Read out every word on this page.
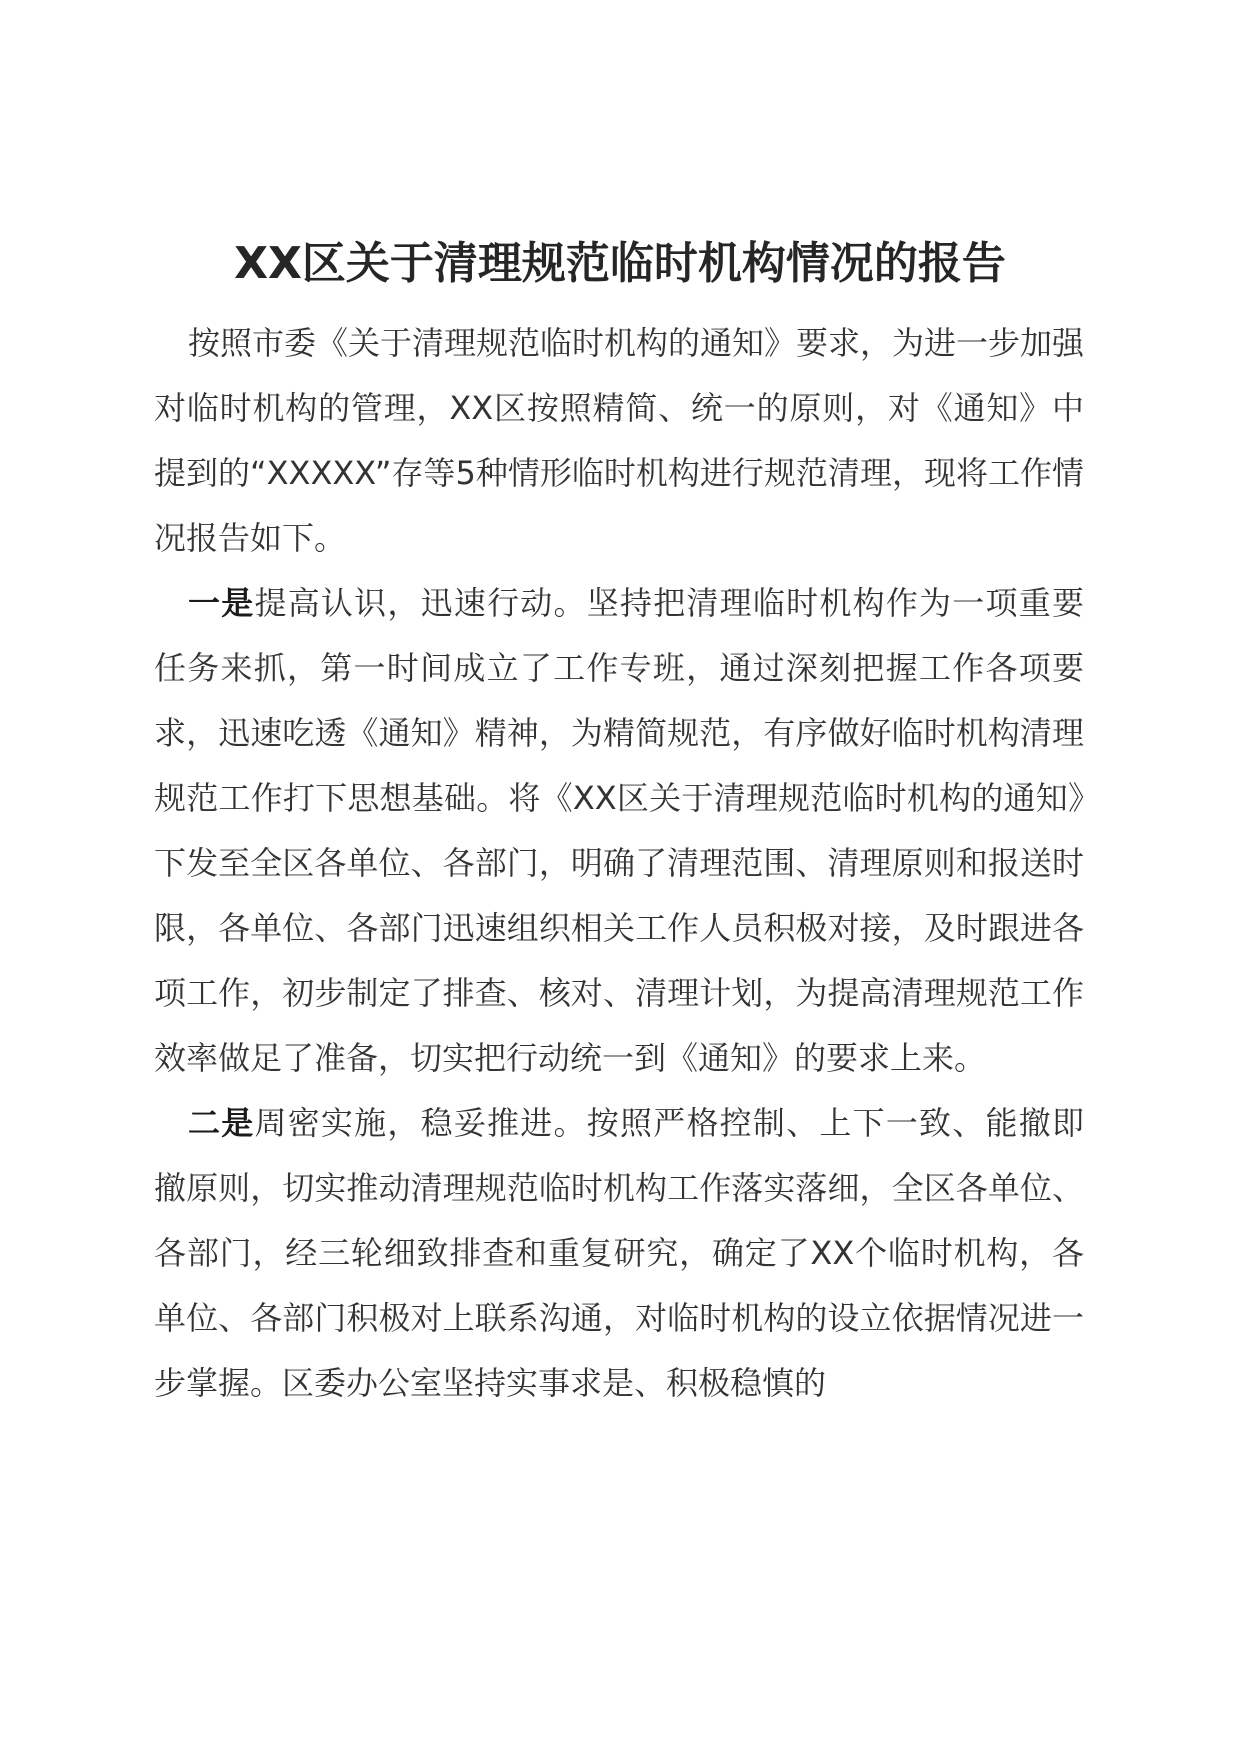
XX区关于清理规范临时机构情况的报告

按照市委《关于清理规范临时机构的通知》要求，为进一步加强对临时机构的管理，XX区按照精简、统一的原则，对《通知》中提到的“XXXXX”存等5种情形临时机构进行规范清理，现将工作情况报告如下。

一是提高认识，迅速行动。坚持把清理临时机构作为一项重要任务来抓，第一时间成立了工作专班，通过深刻把握工作各项要求，迅速吃透《通知》精神，为精简规范，有序做好临时机构清理规范工作打下思想基础。将《XX区关于清理规范临时机构的通知》下发至全区各单位、各部门，明确了清理范围、清理原则和报送时限，各单位、各部门迅速组织相关工作人员积极对接，及时跟进各项工作，初步制定了排查、核对、清理计划，为提高清理规范工作效率做足了准备，切实把行动统一到《通知》的要求上来。

二是周密实施，稳妥推进。按照严格控制、上下一致、能撤即撤原则，切实推动清理规范临时机构工作落实落细，全区各单位、各部门，经三轮细致排查和重复研究，确定了XX个临时机构，各单位、各部门积极对上联系沟通，对临时机构的设立依据情况进一步掌握。区委办公室坚持实事求是、积极稳慎的
